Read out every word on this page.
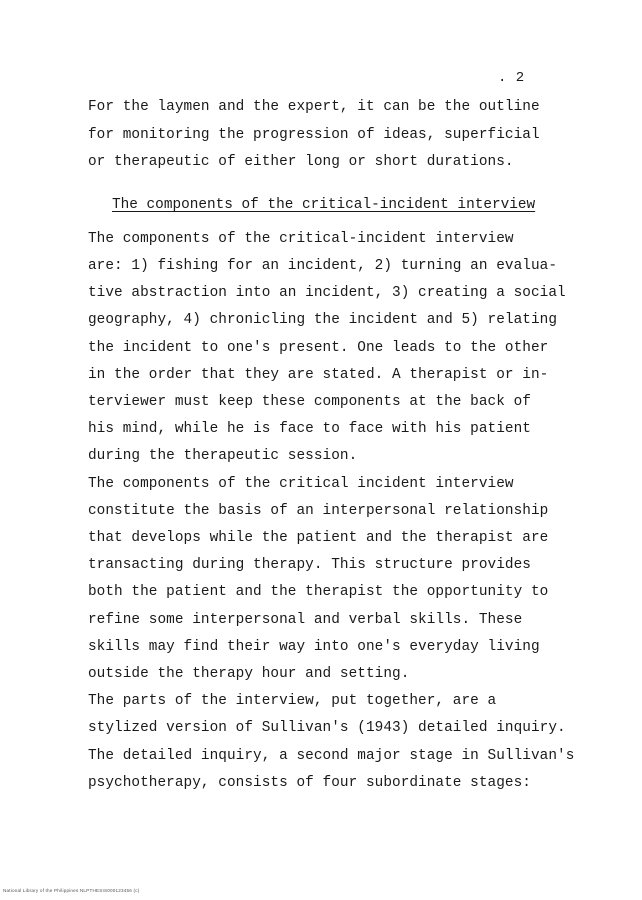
. 2
For the laymen and the expert, it can be the outline
for monitoring the progression of ideas, superficial
or therapeutic of either long or short durations.
The components of the critical-incident interview
The components of the critical-incident interview
are: 1) fishing for an incident, 2) turning an evalua-
tive abstraction into an incident, 3) creating a social
geography, 4) chronicling the incident and 5) relating
the incident to one's present. One leads to the other
in the order that they are stated. A therapist or in-
terviewer must keep these components at the back of
his mind, while he is face to face with his patient
during the therapeutic session.
The components of the critical incident interview
constitute the basis of an interpersonal relationship
that develops while the patient and the therapist are
transacting during therapy. This structure provides
both the patient and the therapist the opportunity to
refine some interpersonal and verbal skills. These
skills may find their way into one's everyday living
outside the therapy hour and setting.
The parts of the interview, put together, are a
stylized version of Sullivan's (1943) detailed inquiry.
The detailed inquiry, a second major stage in Sullivan's
psychotherapy, consists of four subordinate stages:
National Library of the Philippines NLPTHESIS000123456 (c)
